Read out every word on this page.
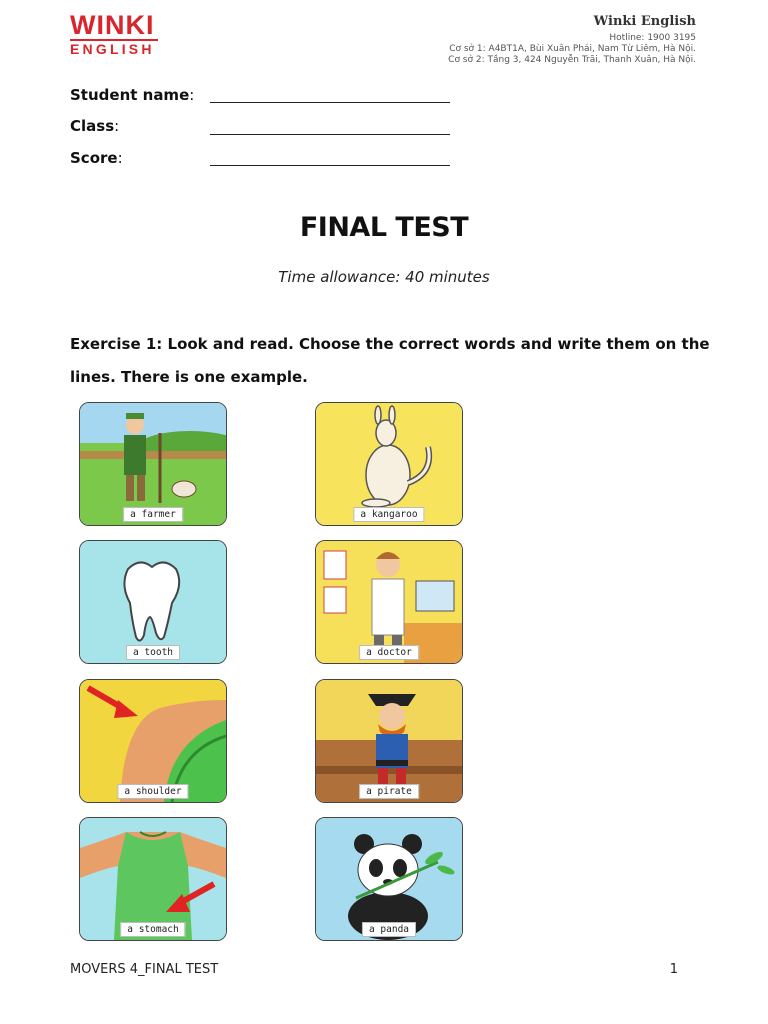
WINKI
ENGLISH
Winki English
Hotline: 1900 3195
Cơ sở 1: A4BT1A, Bùi Xuân Phái, Nam Từ Liêm, Hà Nội.
Cơ sở 2: Tầng 3, 424 Nguyễn Trãi, Thanh Xuân, Hà Nội.
Student name:
Class:
Score:
FINAL TEST
Time allowance: 40 minutes
Exercise 1: Look and read. Choose the correct words and write them on the lines. There is one example.
a farmer	a kangaroo
a tooth	a doctor
a shoulder	a pirate
a stomach	a panda
MOVERS 4_FINAL TEST	1
